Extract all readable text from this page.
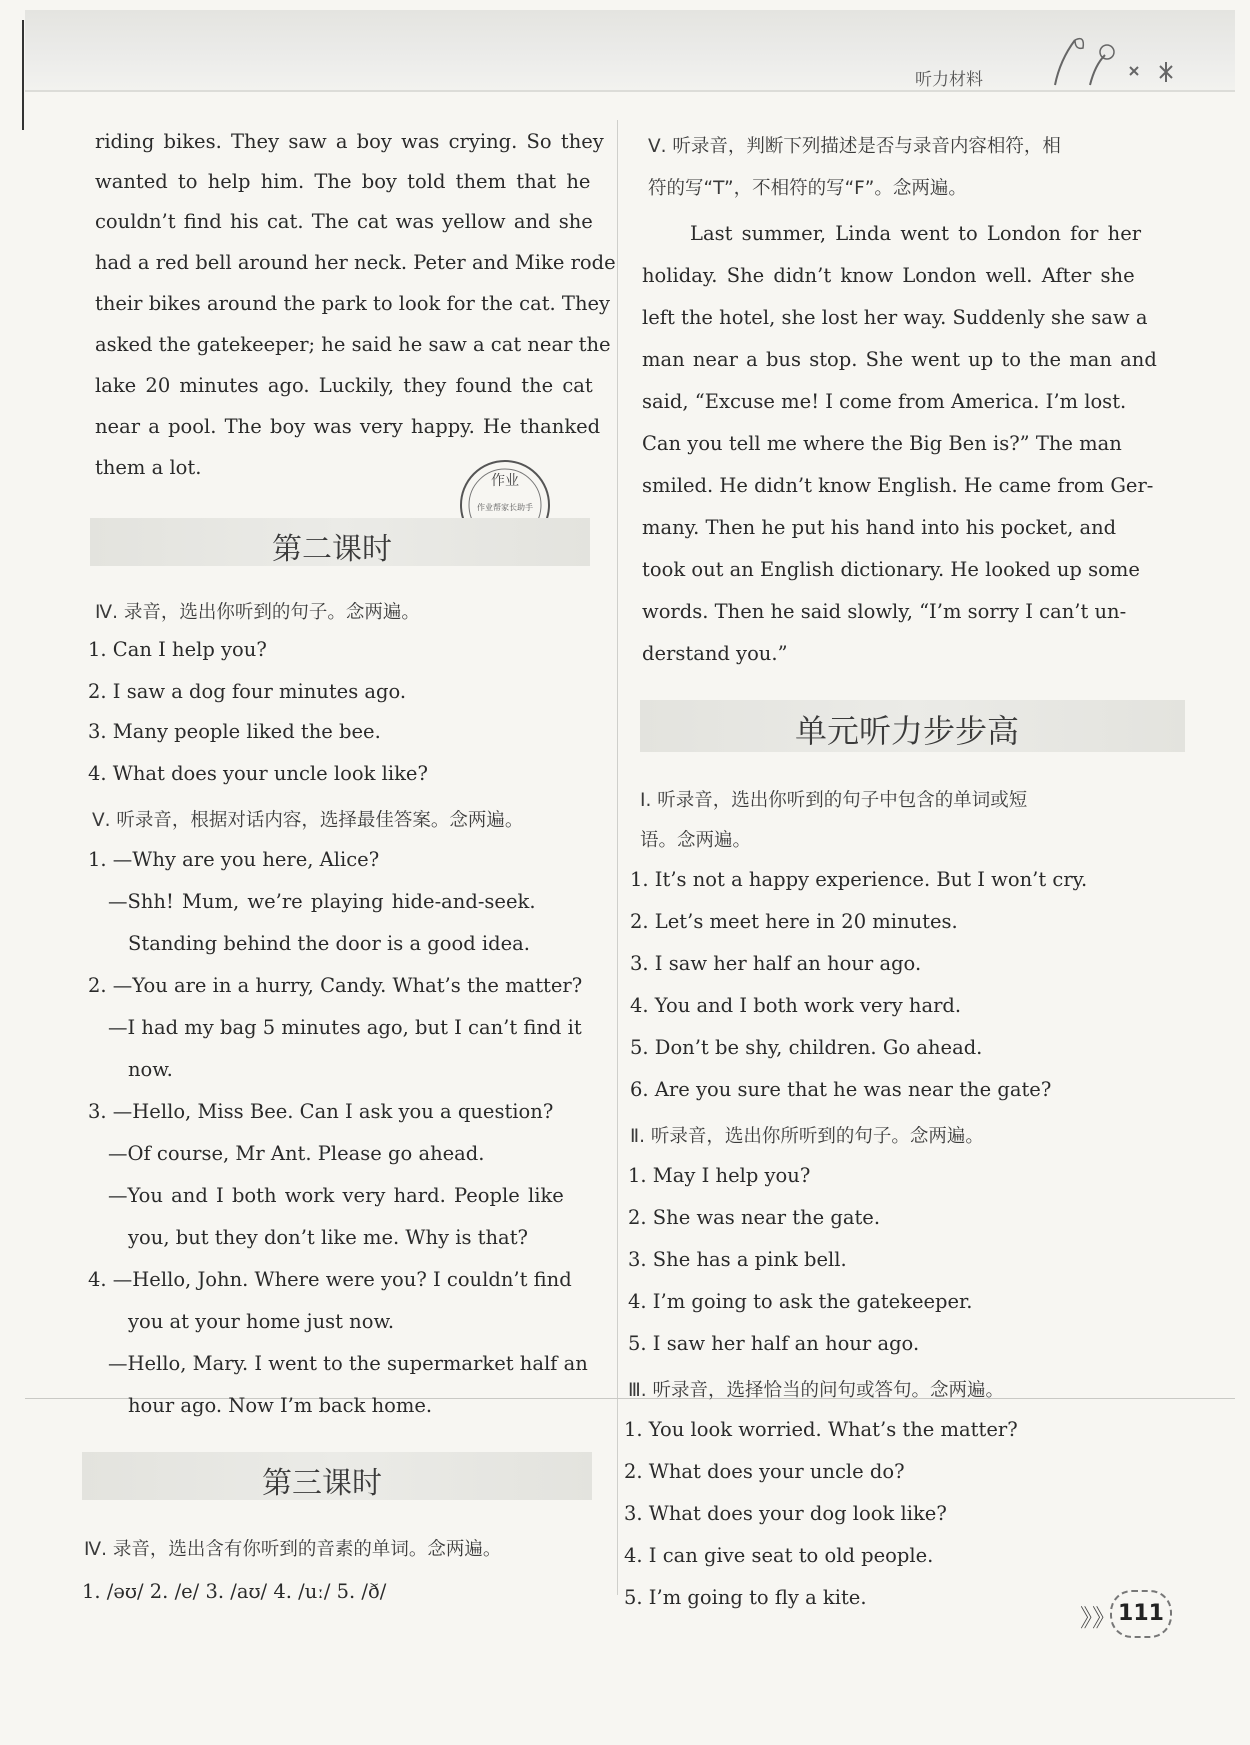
听力材料
riding bikes. They saw a boy was crying. So they
wanted to help him. The boy told them that he
couldn’t find his cat. The cat was yellow and she
had a red bell around her neck. Peter and Mike rode
their bikes around the park to look for the cat. They
asked the gatekeeper; he said he saw a cat near the
lake 20 minutes ago. Luckily, they found the cat
near a pool. The boy was very happy. He thanked
them a lot.
作业
作业帮家长助手
第二课时
Ⅳ. 录音，选出你听到的句子。念两遍。
1. Can I help you?
2. I saw a dog four minutes ago.
3. Many people liked the bee.
4. What does your uncle look like?
Ⅴ. 听录音，根据对话内容，选择最佳答案。念两遍。
1. —Why are you here, Alice?
—Shh! Mum, we’re playing hide-and-seek.
Standing behind the door is a good idea.
2. —You are in a hurry, Candy. What’s the matter?
—I had my bag 5 minutes ago, but I can’t find it
now.
3. —Hello, Miss Bee. Can I ask you a question?
—Of course, Mr Ant. Please go ahead.
—You and I both work very hard. People like
you, but they don’t like me. Why is that?
4. —Hello, John. Where were you? I couldn’t find
you at your home just now.
—Hello, Mary. I went to the supermarket half an
hour ago. Now I’m back home.
第三课时
Ⅳ. 录音，选出含有你听到的音素的单词。念两遍。
1. /əʊ/ 2. /e/ 3. /aʊ/ 4. /uː/ 5. /ð/
Ⅴ. 听录音，判断下列描述是否与录音内容相符，相
符的写“T”，不相符的写“F”。念两遍。
Last summer, Linda went to London for her
holiday. She didn’t know London well. After she
left the hotel, she lost her way. Suddenly she saw a
man near a bus stop. She went up to the man and
said, “Excuse me! I come from America. I’m lost.
Can you tell me where the Big Ben is?” The man
smiled. He didn’t know English. He came from Ger-
many. Then he put his hand into his pocket, and
took out an English dictionary. He looked up some
words. Then he said slowly, “I’m sorry I can’t un-
derstand you.”
单元听力步步高
Ⅰ. 听录音，选出你听到的句子中包含的单词或短
语。念两遍。
1. It’s not a happy experience. But I won’t cry.
2. Let’s meet here in 20 minutes.
3. I saw her half an hour ago.
4. You and I both work very hard.
5. Don’t be shy, children. Go ahead.
6. Are you sure that he was near the gate?
Ⅱ. 听录音，选出你所听到的句子。念两遍。
1. May I help you?
2. She was near the gate.
3. She has a pink bell.
4. I’m going to ask the gatekeeper.
5. I saw her half an hour ago.
Ⅲ. 听录音，选择恰当的问句或答句。念两遍。
1. You look worried. What’s the matter?
2. What does your uncle do?
3. What does your dog look like?
4. I can give seat to old people.
5. I’m going to fly a kite.
》》 111
